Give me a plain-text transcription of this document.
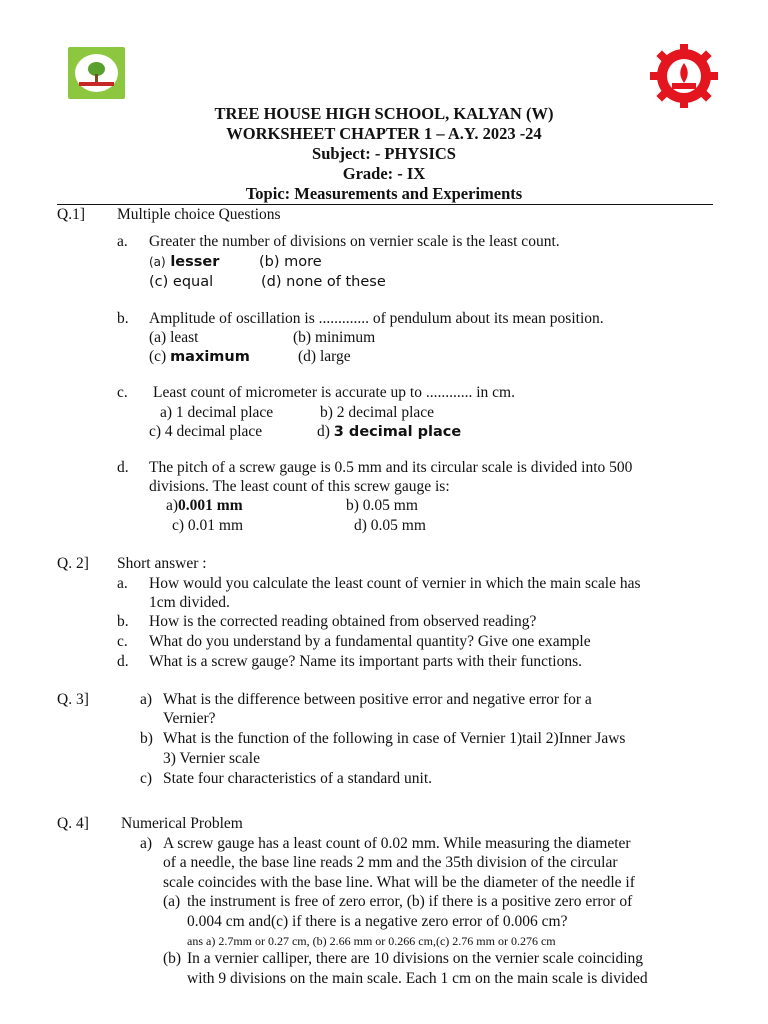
TREE HOUSE HIGH SCHOOL, KALYAN (W)
WORKSHEET CHAPTER 1 – A.Y. 2023 -24
Subject: - PHYSICS
Grade: - IX
Topic: Measurements and Experiments
Q.1] Multiple choice Questions
a. Greater the number of divisions on vernier scale is the least count.
(a) lesser	(b) more
(c) equal	(d) none of these
b. Amplitude of oscillation is ............. of pendulum about its mean position.
(a) least	(b) minimum
(c) maximum	(d) large
c. Least count of micrometer is accurate up to ............ in cm.
a) 1 decimal place	b) 2 decimal place
c) 4 decimal place	d) 3 decimal place
d. The pitch of a screw gauge is 0.5 mm and its circular scale is divided into 500
divisions. The least count of this screw gauge is:
a)0.001 mm	b) 0.05 mm
c) 0.01 mm	d) 0.05 mm
Q. 2] Short answer :
a. How would you calculate the least count of vernier in which the main scale has
1cm divided.
b. How is the corrected reading obtained from observed reading?
c. What do you understand by a fundamental quantity? Give one example
d. What is a screw gauge? Name its important parts with their functions.
Q. 3]	a) What is the difference between positive error and negative error for a
Vernier?
b) What is the function of the following in case of Vernier 1)tail 2)Inner Jaws
3) Vernier scale
c) State four characteristics of a standard unit.
Q. 4] Numerical Problem
a) A screw gauge has a least count of 0.02 mm. While measuring the diameter
of a needle, the base line reads 2 mm and the 35th division of the circular
scale coincides with the base line. What will be the diameter of the needle if
(a) the instrument is free of zero error, (b) if there is a positive zero error of
0.004 cm and(c) if there is a negative zero error of 0.006 cm?
ans a) 2.7mm or 0.27 cm, (b) 2.66 mm or 0.266 cm,(c) 2.76 mm or 0.276 cm
(b) In a vernier calliper, there are 10 divisions on the vernier scale coinciding
with 9 divisions on the main scale. Each 1 cm on the main scale is divided
